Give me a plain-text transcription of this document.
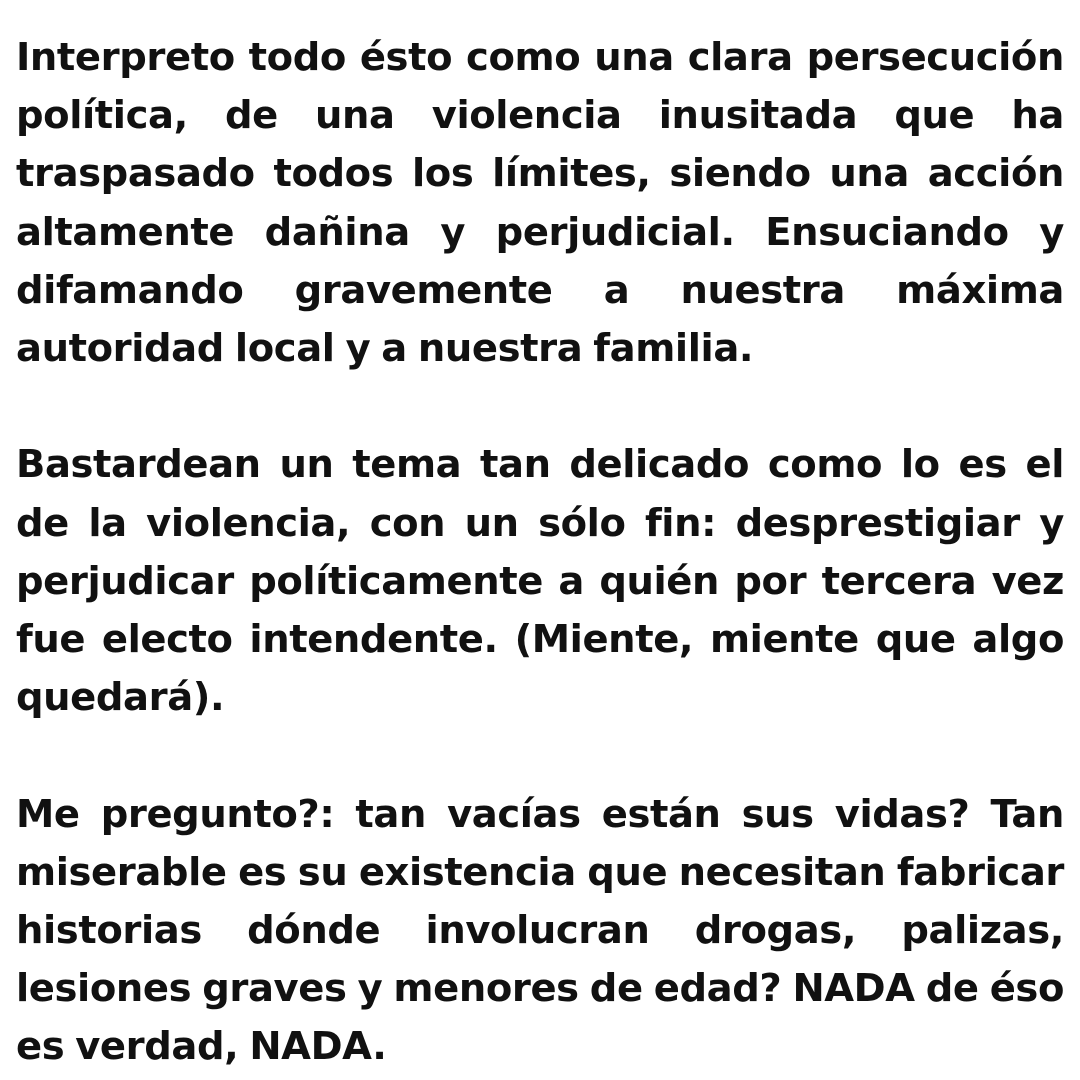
Interpreto todo ésto como una clara persecución política, de una violencia inusitada que ha traspasado todos los límites, siendo una acción altamente dañina y perjudicial. Ensuciando y difamando gravemente a nuestra máxima autoridad local y a nuestra familia.

Bastardean un tema tan delicado como lo es el de la violencia, con un sólo fin: desprestigiar y perjudicar políticamente a quién por tercera vez fue electo intendente. (Miente, miente que algo quedará).

Me pregunto?: tan vacías están sus vidas? Tan miserable es su existencia que necesitan fabricar historias dónde involucran drogas, palizas, lesiones graves y menores de edad? NADA de éso es verdad, NADA.
